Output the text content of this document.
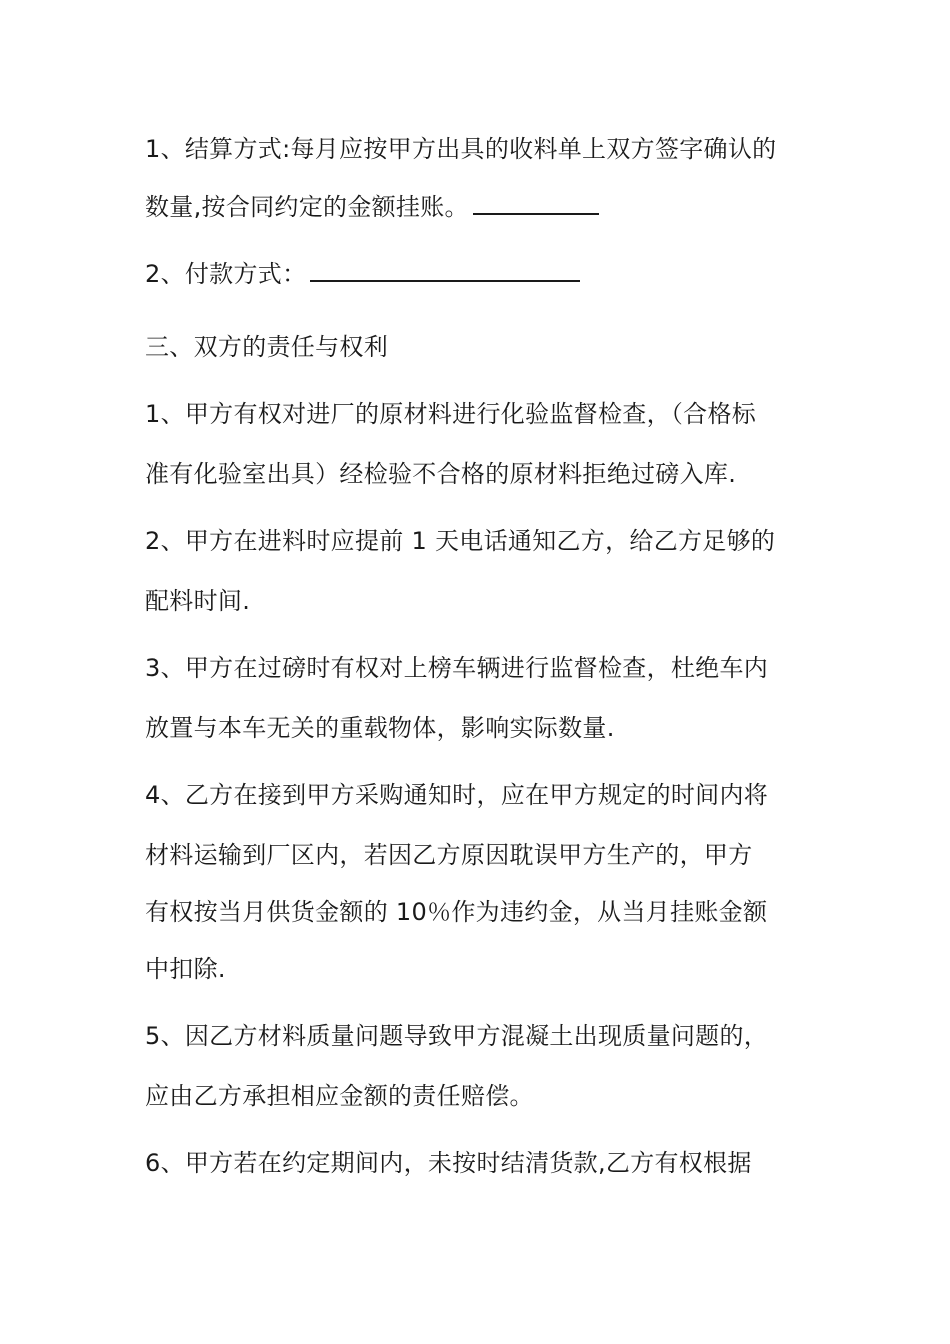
1、结算方式:每月应按甲方出具的收料单上双方签字确认的
数量,按合同约定的金额挂账。
2、付款方式：
三、双方的责任与权利
1、甲方有权对进厂的原材料进行化验监督检查，（合格标
准有化验室出具）经检验不合格的原材料拒绝过磅入库.
2、甲方在进料时应提前 1 天电话通知乙方，给乙方足够的
配料时间.
3、甲方在过磅时有权对上榜车辆进行监督检查，杜绝车内
放置与本车无关的重载物体，影响实际数量.
4、乙方在接到甲方采购通知时，应在甲方规定的时间内将
材料运输到厂区内，若因乙方原因耽误甲方生产的，甲方
有权按当月供货金额的 10％作为违约金，从当月挂账金额
中扣除.
5、因乙方材料质量问题导致甲方混凝土出现质量问题的，
应由乙方承担相应金额的责任赔偿。
6、甲方若在约定期间内，未按时结清货款,乙方有权根据
